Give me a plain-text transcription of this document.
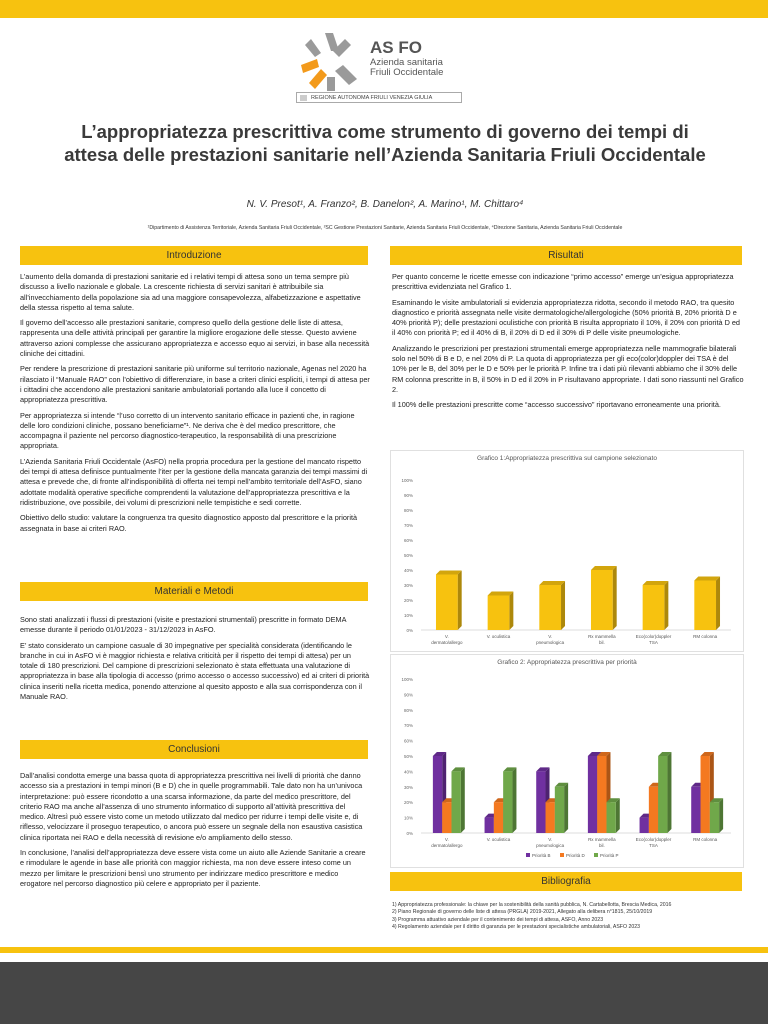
AS FO
Azienda sanitaria
Friuli Occidentale
REGIONE AUTONOMA FRIULI VENEZIA GIULIA
L’appropriatezza prescrittiva come strumento di governo dei tempi di attesa delle prestazioni sanitarie nell’Azienda Sanitaria Friuli Occidentale
N. V. Presot¹, A. Franzo², B. Danelon², A. Marino¹, M. Chittaro⁴
¹Dipartimento di Assistenza Territoriale, Azienda Sanitaria Friuli Occidentale, ²SC Gestione Prestazioni Sanitarie, Azienda Sanitaria Friuli Occidentale, ⁴Direzione Sanitaria, Azienda Sanitaria Friuli Occidentale
Introduzione

L’aumento della domanda di prestazioni sanitarie ed i relativi tempi di attesa sono un tema sempre più discusso a livello nazionale e globale. La crescente richiesta di servizi sanitari è attribuibile sia all’invecchiamento della popolazione sia ad una maggiore consapevolezza, alfabetizzazione e aspettative della stessa rispetto al tema salute.

Il governo dell’accesso alle prestazioni sanitarie, compreso quello della gestione delle liste di attesa, rappresenta una delle attività principali per garantire la migliore erogazione delle stesse. Questo avviene attraverso azioni complesse che assicurano appropriatezza e accesso equo ai servizi, in base alla necessità cliniche dei cittadini.

Per rendere la prescrizione di prestazioni sanitarie più uniforme sul territorio nazionale, Agenas nel 2020 ha rilasciato il “Manuale RAO” con l’obiettivo di differenziare, in base a criteri clinici espliciti, i tempi di attesa per i cittadini che accendono alle prestazioni sanitarie ambulatoriali portando alla luce il concetto di appropriatezza prescrittiva.

Per appropriatezza si intende “l’uso corretto di un intervento sanitario efficace in pazienti che, in ragione delle loro condizioni cliniche, possano beneficiarne”¹. Ne deriva che è del medico prescrittore, che accompagna il paziente nel percorso diagnostico-terapeutico, la responsabilità di una prescrizione appropriata.

L’Azienda Sanitaria Friuli Occidentale (AsFO) nella propria procedura per la gestione del mancato rispetto dei tempi di attesa definisce puntualmente l’iter per la gestione della mancata garanzia dei tempi massimi di attesa e prevede che, di fronte all’indisponibilità di offerta nei tempi nell’ambito territoriale dell’AsFO, siano adottate modalità operative specifiche comprendenti la valutazione dell’appropriatezza prescrittiva e la ridistribuzione, ove possibile, dei volumi di prescrizioni nelle tempistiche e sedi corrette.

Obiettivo dello studio: valutare la congruenza tra quesito diagnostico apposto dal prescrittore e la priorità assegnata in base ai criteri RAO.

Materiali e Metodi

Sono stati analizzati i flussi di prestazioni (visite e prestazioni strumentali) prescritte in formato DEMA emesse durante il periodo 01/01/2023 - 31/12/2023 in AsFO.

E’ stato considerato un campione casuale di 30 impegnative per specialità considerata (identificando le branche in cui in AsFO vi è maggior richiesta e relativa criticità per il rispetto dei tempi di attesa) per un totale di 180 prescrizioni. Del campione di prescrizioni selezionato è stata effettuata una valutazione di appropriatezza in base alla tipologia di accesso (primo accesso o accesso successivo) ed ai criteri di priorità clinica inseriti nella ricetta medica, ponendo attenzione al quesito apposto e alla sua corrispondenza con il Manuale RAO.

Conclusioni

Dall’analisi condotta emerge una bassa quota di appropriatezza prescrittiva nei livelli di priorità che danno accesso sia a prestazioni in tempi minori (B e D) che in quelle programmabili. Tale dato non ha un’univoca interpretazione: può essere ricondotto a una scarsa informazione, da parte del medico prescrittore, del criterio RAO ma anche all’assenza di uno strumento informatico di supporto all’attività prescrittiva del medico. Altresì può essere visto come un metodo utilizzato dal medico per ridurre i tempi delle visite e, di riflesso, velocizzare il proseguo terapeutico, o ancora può essere un segnale della non esaustiva casistica clinica riportata nei RAO e della necessità di revisione e/o ampliamento dello stesso.

In conclusione, l’analisi dell’appropriatezza deve essere vista come un aiuto alle Aziende Sanitarie a creare e rimodulare le agende in base alle priorità con maggior richiesta, ma non deve essere inteso come un mezzo per limitare le prescrizioni bensì uno strumento per indirizzare medico prescrittore e medico erogatore nel percorso diagnostico più celere e appropriato per il paziente.

Risultati

Per quanto concerne le ricette emesse con indicazione “primo accesso” emerge un’esigua appropriatezza prescrittiva evidenziata nel Grafico 1.

Esaminando le visite ambulatoriali si evidenzia appropriatezza ridotta, secondo il metodo RAO, tra quesito diagnostico e priorità assegnata nelle visite dermatologiche/allergologiche (50% priorità B, 20% priorità D e 40% priorità P); delle prestazioni oculistiche con priorità B risulta appropriato il 10%, il 20% con priorità D ed il 40% con priorità P; ed il 40% di B, il 20% di D ed il 30% di P delle visite pneumologiche.

Analizzando le prescrizioni per prestazioni strumentali emerge appropriatezza nelle mammografie bilaterali solo nel 50% di B e D, e nel 20% di P. La quota di appropriatezza per gli eco(color)doppler dei TSA è del 10% per le B, del 30% per le D e 50% per le priorità P. Infine tra i dati più rilevanti abbiamo che il 30% delle RM colonna prescritte in B, il 50% in D ed il 20% in P risultavano appropriate. I dati sono riassunti nel Grafico 2.

Il 100% delle prestazioni prescritte come “accesso successivo” riportavano erroneamente una priorità.

Grafico 1:Appropriatezza prescrittiva sul campione selezionato
0%
10%
20%
30%
40%
50%
60%
70%
80%
90%
100%
V.
dermato/allergo
V. oculistica	V.
pneumologica
Rx mammella
bil.
Eco(color)doppler
TSA
RM colonna
Grafico 2: Appropriatezza prescrittiva per priorità
0%
10%
20%
30%
40%
50%
60%
70%
80%
90%
100%
V.
dermato/allergo
V. oculistica	V.
pneumologica
Rx mammella
bil.
Eco(color)doppler
TSA
RM colonna
Priorità B	Priorità D	Priorità P
Bibliografia
1) Appropriatezza professionale: la chiave per la sostenibilità della sanità pubblica, N. Cartabellotta, Brescia Medica, 2016
2) Piano Regionale di governo delle liste di attesa (PRGLA) 2019-2021, Allegato alla delibera n°1815, 25/10/2019
3) Programma attuativo aziendale per il contenimento dei tempi di attesa, ASFO, Anno 2023
4) Regolamento aziendale per il diritto di garanzia per le prestazioni specialistiche ambulatoriali, ASFO 2023
